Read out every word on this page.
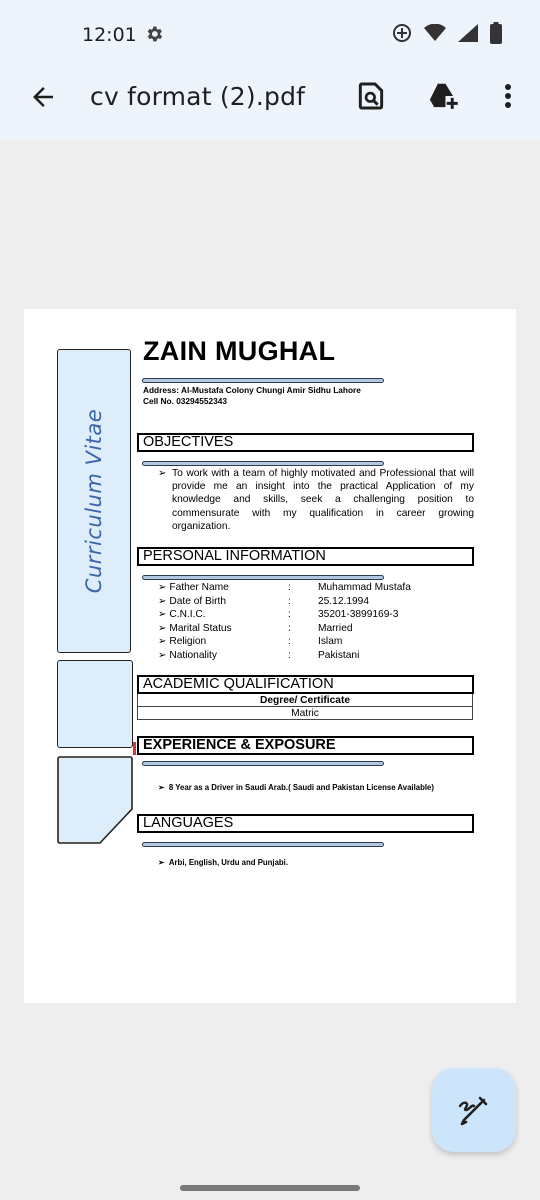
12:01
cv format (2).pdf
Curriculum Vitae
ZAIN MUGHAL
Address: Al-Mustafa Colony Chungi Amir Sidhu Lahore
Cell No. 03294552343
OBJECTIVES
➢ To work with a team of highly motivated and Professional that will provide me an insight into the practical Application of my knowledge and skills, seek a challenging position to commensurate with my qualification in career growing organization.

PERSONAL INFORMATION
➢ Father Name	:	Muhammad Mustafa
➢ Date of Birth	:	25.12.1994
➢ C.N.I.C.	:	35201-3899169-3
➢ Marital Status	:	Married
➢ Religion	:	Islam
➢ Nationality	:	Pakistani
ACADEMIC QUALIFICATION
Degree/ Certificate
Matric
EXPERIENCE & EXPOSURE
➢ 8 Year as a Driver in Saudi Arab.( Saudi and Pakistan License Available)
LANGUAGES
➢ Arbi, English, Urdu and Punjabi.
